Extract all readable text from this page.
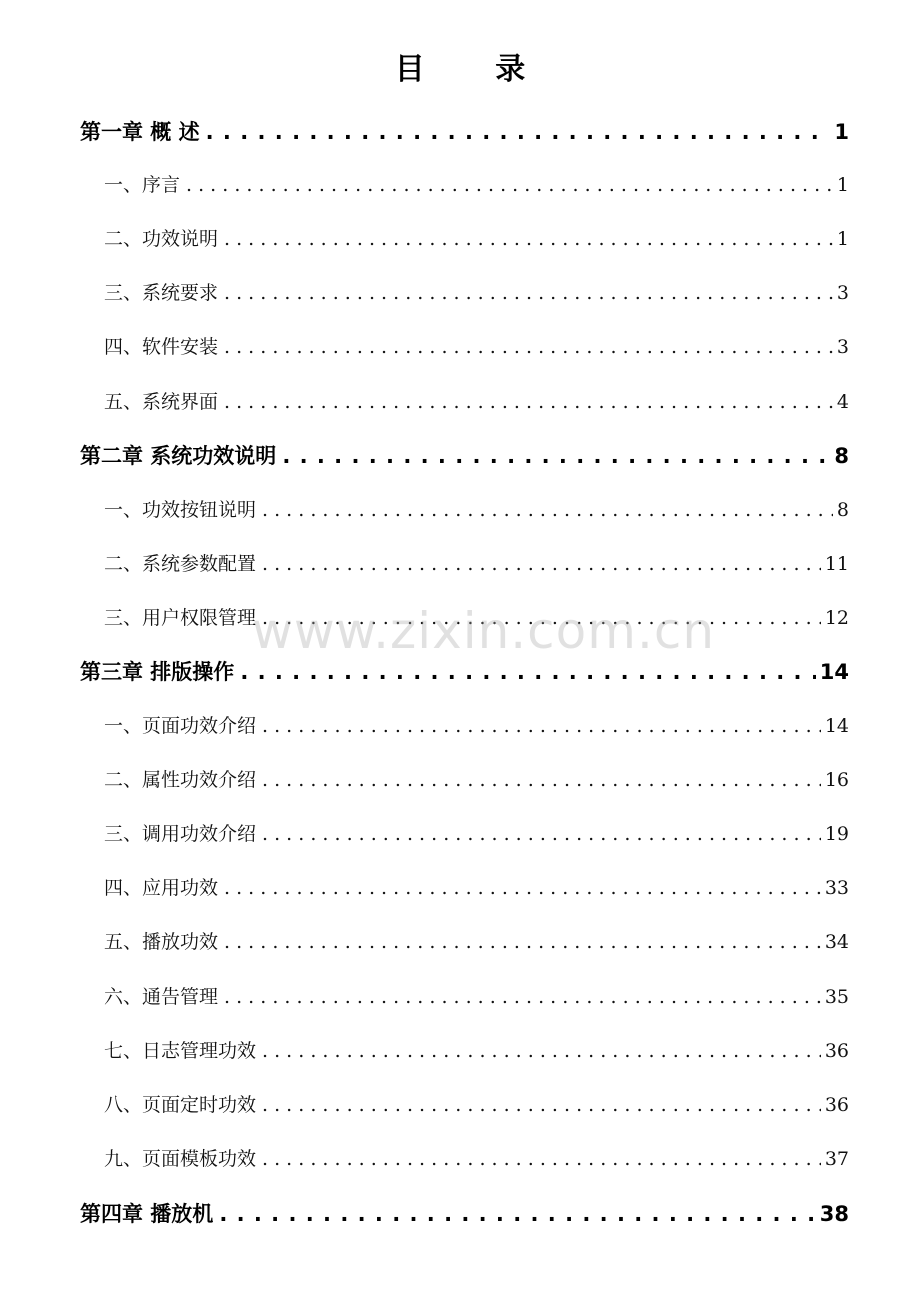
目 录
第一章 概 述 . . .	1
一、序言 . . .	1
二、功效说明 . . .	1
三、系统要求 . . .	3
四、软件安装 . . .	3
五、系统界面 . . .	4
第二章 系统功效说明 . . .	8
一、功效按钮说明 . . .	8
二、系统参数配置 . . .	11
三、用户权限管理 . . .	12
第三章 排版操作 . . .	14
一、页面功效介绍 . . .	14
二、属性功效介绍 . . .	16
三、调用功效介绍 . . .	19
四、应用功效 . . .	33
五、播放功效 . . .	34
六、通告管理 . . .	35
七、日志管理功效 . . .	36
八、页面定时功效 . . .	36
九、页面模板功效 . . .	37
第四章 播放机 . . .	38
www.zixin.com.cn
